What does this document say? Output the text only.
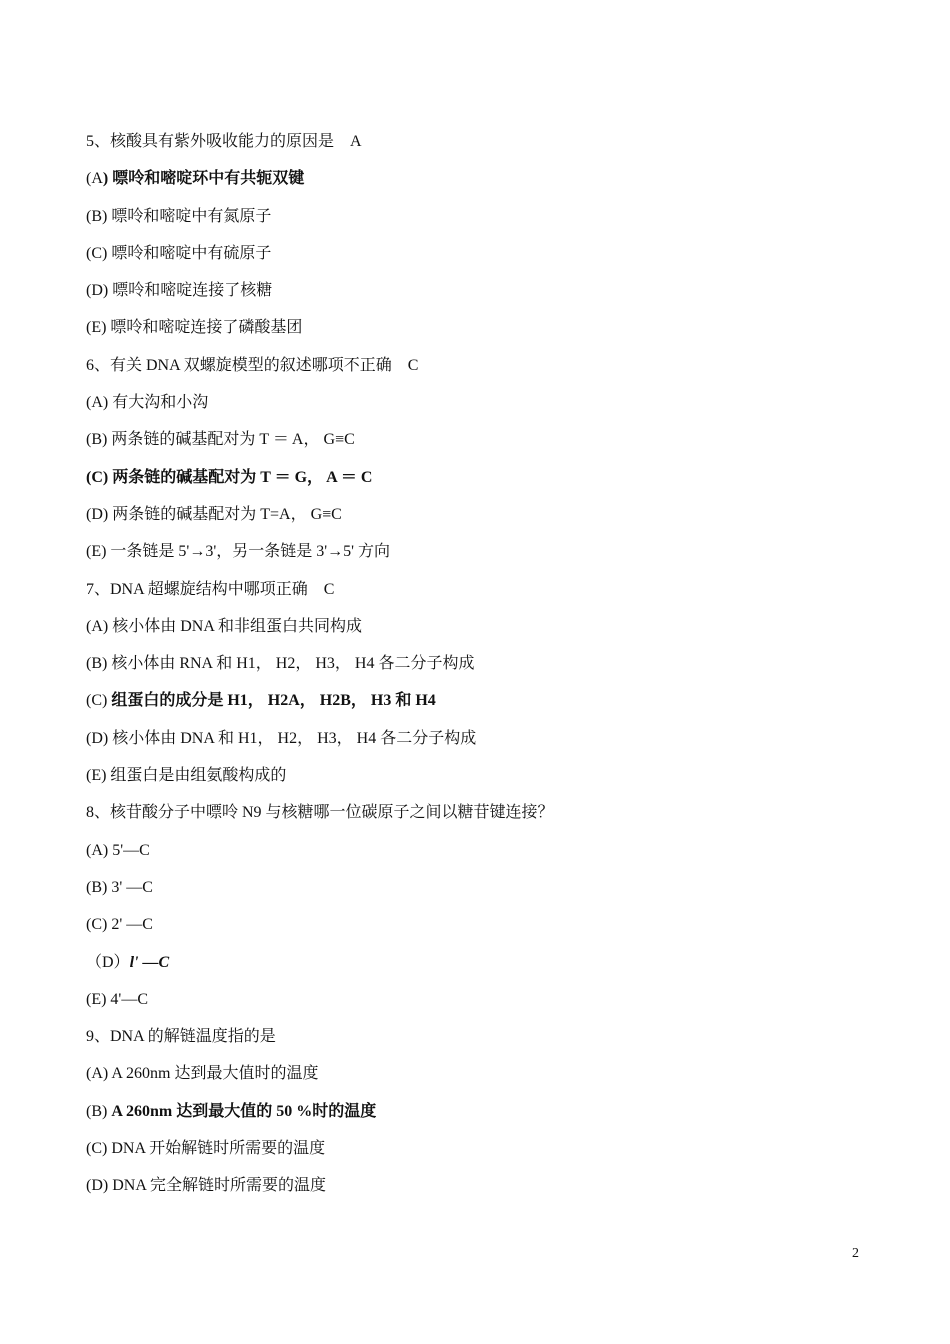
5、核酸具有紫外吸收能力的原因是　A
(A) 嘌呤和嘧啶环中有共轭双键
(B) 嘌呤和嘧啶中有氮原子
(C) 嘌呤和嘧啶中有硫原子
(D) 嘌呤和嘧啶连接了核糖
(E) 嘌呤和嘧啶连接了磷酸基团
6、有关 DNA 双螺旋模型的叙述哪项不正确　C
(A) 有大沟和小沟
(B) 两条链的碱基配对为 T ＝ A， G≡C
(C) 两条链的碱基配对为 T ＝ G， A ＝ C
(D) 两条链的碱基配对为 T=A， G≡C
(E) 一条链是 5'→3'，另一条链是 3'→5' 方向
7、DNA 超螺旋结构中哪项正确　C
(A) 核小体由 DNA 和非组蛋白共同构成
(B) 核小体由 RNA 和 H1， H2， H3， H4 各二分子构成
(C) 组蛋白的成分是 H1， H2A， H2B， H3 和 H4
(D) 核小体由 DNA 和 H1， H2， H3， H4 各二分子构成
(E) 组蛋白是由组氨酸构成的
8、核苷酸分子中嘌呤 N9 与核糖哪一位碳原子之间以糖苷键连接？
(A) 5'—C
(B) 3' —C
(C) 2' —C
（D）l' —C
(E) 4'—C
9、DNA 的解链温度指的是
(A) A 260nm 达到最大值时的温度
(B) A 260nm 达到最大值的 50 %时的温度
(C) DNA 开始解链时所需要的温度
(D) DNA 完全解链时所需要的温度
2
